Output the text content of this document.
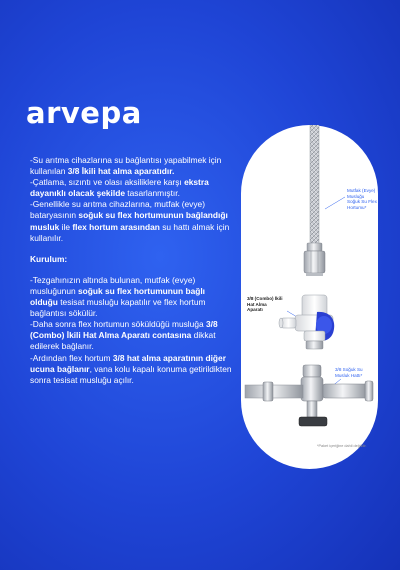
arvepa

-Su arıtma cihazlarına su bağlantısı yapabilmek için kullanılan 3/8 İkili hat alma aparatıdır.

-Çatlama, sızıntı ve olası aksiliklere karşı ekstra dayanıklı olacak şekilde tasarlanmıştır.

-Genellikle su arıtma cihazlarına, mutfak (evye) bataryasının soğuk su flex hortumunun bağlandığı musluk ile flex hortum arasından su hattı almak için kullanılır.

Kurulum:

-Tezgahınızın altında bulunan, mutfak (evye) musluğunun soğuk su flex hortumunun bağlı olduğu tesisat musluğu kapatılır ve flex hortum bağlantısı sökülür.

-Daha sonra flex hortumun söküldüğü musluğa 3/8 (Combo) İkili Hat Alma Aparatı contasına dikkat edilerek bağlanır.

-Ardından flex hortum 3/8 hat alma aparatının diğer ucuna bağlanır, vana kolu kapalı konuma getirildikten sonra tesisat musluğu açılır.

Mutfak (Evye) Musluğu Soğuk Su Flex Hortumu*
3/8 (Combo) İkili Hat Alma Aparatı
3/8 Soğuk Su Musluk Hattı*
*Paket içeriğine dahil değildir.
